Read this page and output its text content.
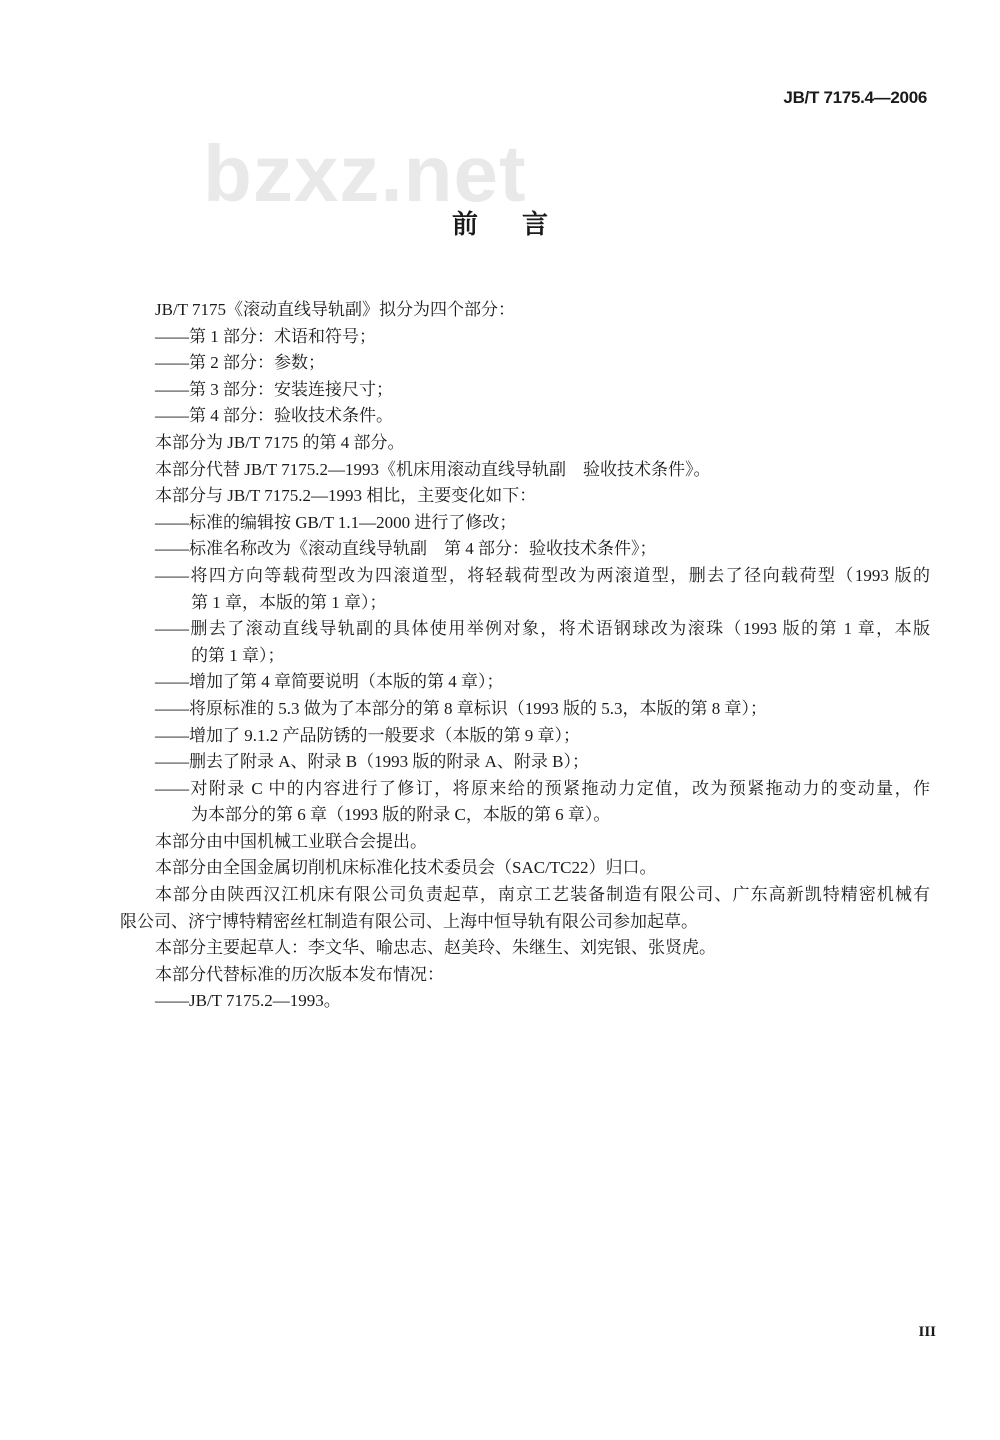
JB/T 7175.4—2006
bzxz.net
前言
JB/T 7175《滚动直线导轨副》拟分为四个部分：
——第 1 部分：术语和符号；
——第 2 部分：参数；
——第 3 部分：安装连接尺寸；
——第 4 部分：验收技术条件。
本部分为 JB/T 7175 的第 4 部分。
本部分代替 JB/T 7175.2—1993《机床用滚动直线导轨副　验收技术条件》。
本部分与 JB/T 7175.2—1993 相比，主要变化如下：
——标准的编辑按 GB/T 1.1—2000 进行了修改；
——标准名称改为《滚动直线导轨副　第 4 部分：验收技术条件》；
——将四方向等载荷型改为四滚道型，将轻载荷型改为两滚道型，删去了径向载荷型（1993 版的
第 1 章，本版的第 1 章）；
——删去了滚动直线导轨副的具体使用举例对象，将术语钢球改为滚珠（1993 版的第 1 章，本版
的第 1 章）；
——增加了第 4 章简要说明（本版的第 4 章）；
——将原标准的 5.3 做为了本部分的第 8 章标识（1993 版的 5.3，本版的第 8 章）；
——增加了 9.1.2 产品防锈的一般要求（本版的第 9 章）；
——删去了附录 A、附录 B（1993 版的附录 A、附录 B）；
——对附录 C 中的内容进行了修订，将原来给的预紧拖动力定值，改为预紧拖动力的变动量，作
为本部分的第 6 章（1993 版的附录 C，本版的第 6 章）。
本部分由中国机械工业联合会提出。
本部分由全国金属切削机床标准化技术委员会（SAC/TC22）归口。
本部分由陕西汉江机床有限公司负责起草，南京工艺装备制造有限公司、广东高新凯特精密机械有
限公司、济宁博特精密丝杠制造有限公司、上海中恒导轨有限公司参加起草。
本部分主要起草人：李文华、喻忠志、赵美玲、朱继生、刘宪银、张贤虎。
本部分代替标准的历次版本发布情况：
——JB/T 7175.2—1993。
III
